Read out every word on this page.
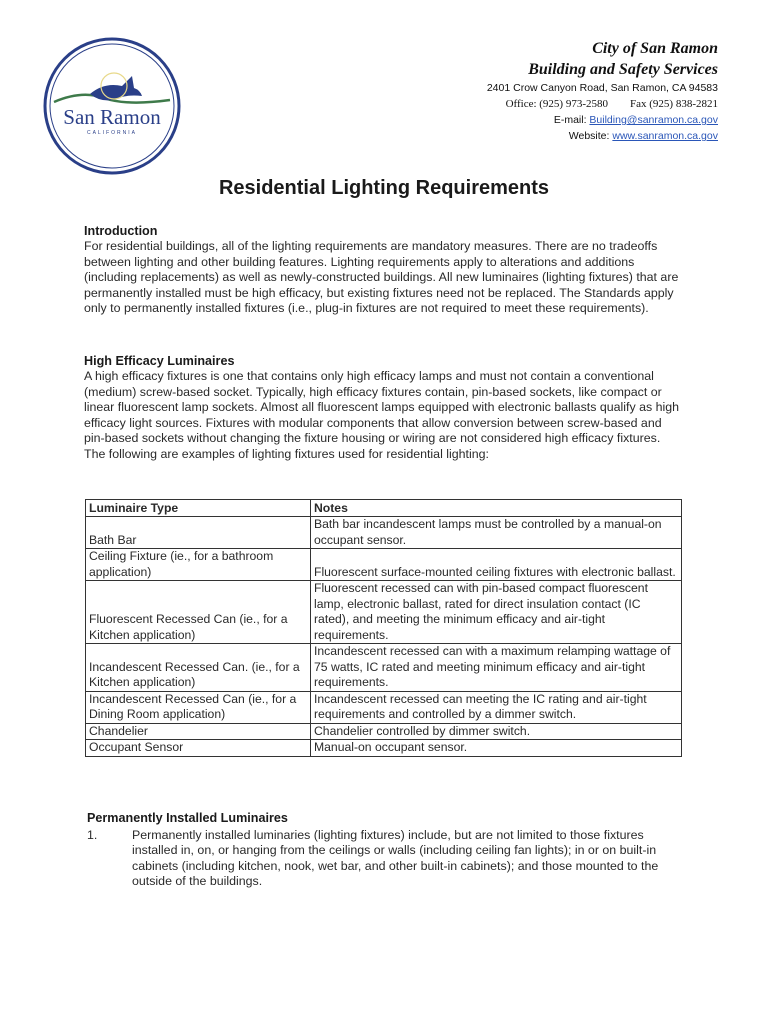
San Ramon
CALIFORNIA
City of San Ramon
Building and Safety Services
2401 Crow Canyon Road, San Ramon, CA 94583
Office: (925) 973-2580 Fax (925) 838-2821
E-mail: Building@sanramon.ca.gov
Website: www.sanramon.ca.gov
Residential Lighting Requirements
Introduction

For residential buildings, all of the lighting requirements are mandatory measures. There are no tradeoffs between lighting and other building features. Lighting requirements apply to alterations and additions (including replacements) as well as newly-constructed buildings. All new luminaires (lighting fixtures) that are permanently installed must be high efficacy, but existing fixtures need not be replaced. The Standards apply only to permanently installed fixtures (i.e., plug-in fixtures are not required to meet these requirements).

High Efficacy Luminaires

A high efficacy fixtures is one that contains only high efficacy lamps and must not contain a conventional (medium) screw-based socket. Typically, high efficacy fixtures contain, pin-based sockets, like compact or linear fluorescent lamp sockets. Almost all fluorescent lamps equipped with electronic ballasts qualify as high efficacy light sources. Fixtures with modular components that allow conversion between screw-based and pin-based sockets without changing the fixture housing or wiring are not considered high efficacy fixtures. The following are examples of lighting fixtures used for residential lighting:

Luminaire Type	Notes
Bath Bar	Bath bar incandescent lamps must be controlled by a manual-on occupant sensor.
Ceiling Fixture (ie., for a bathroom application)	Fluorescent surface-mounted ceiling fixtures with electronic ballast.
Fluorescent Recessed Can (ie., for a Kitchen application)	Fluorescent recessed can with pin-based compact fluorescent lamp, electronic ballast, rated for direct insulation contact (IC rated), and meeting the minimum efficacy and air-tight requirements.
Incandescent Recessed Can. (ie., for a Kitchen application)	Incandescent recessed can with a maximum relamping wattage of 75 watts, IC rated and meeting minimum efficacy and air-tight requirements.
Incandescent Recessed Can (ie., for a Dining Room application)	Incandescent recessed can meeting the IC rating and air-tight requirements and controlled by a dimmer switch.
Chandelier	Chandelier controlled by dimmer switch.
Occupant Sensor	Manual-on occupant sensor.
Permanently Installed Luminaires
1.	Permanently installed luminaries (lighting fixtures) include, but are not limited to those fixtures installed in, on, or hanging from the ceilings or walls (including ceiling fan lights); in or on built-in cabinets (including kitchen, nook, wet bar, and other built-in cabinets); and those mounted to the outside of the buildings.
